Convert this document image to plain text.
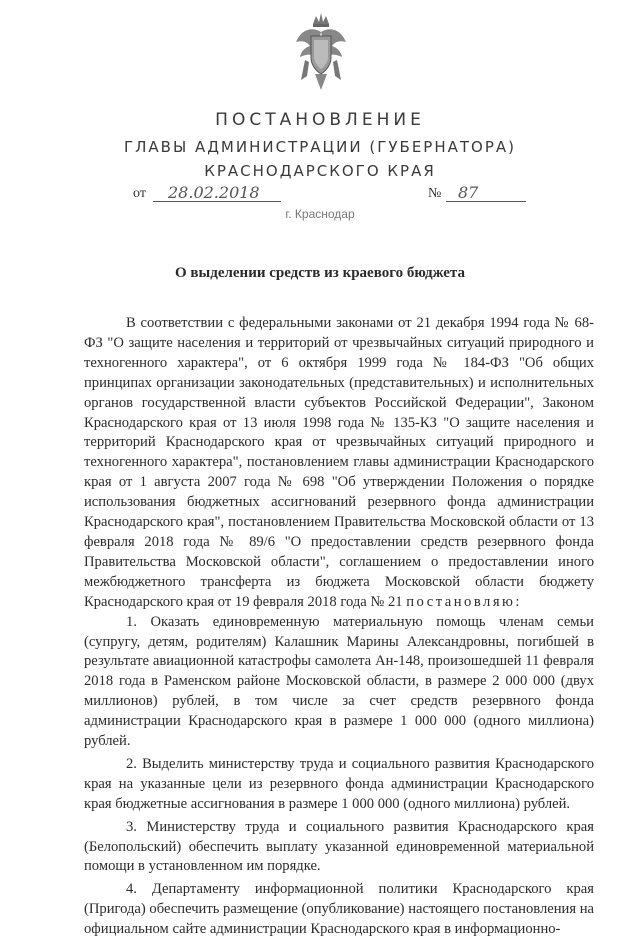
ПОСТАНОВЛЕНИЕ
ГЛАВЫ АДМИНИСТРАЦИИ (ГУБЕРНАТОРА)
КРАСНОДАРСКОГО КРАЯ
от 28.02.2018	№ 87
г. Краснодар
О выделении средств из краевого бюджета

В соответствии с федеральными законами от 21 декабря 1994 года № 68-ФЗ "О защите населения и территорий от чрезвычайных ситуаций природного и техногенного характера", от 6 октября 1999 года № 184-ФЗ "Об общих принципах организации законодательных (представительных) и исполнительных органов государственной власти субъектов Российской Федерации", Законом Краснодарского края от 13 июля 1998 года № 135-КЗ "О защите населения и территорий Краснодарского края от чрезвычайных ситуаций природного и техногенного характера", постановлением главы администрации Краснодарского края от 1 августа 2007 года № 698 "Об утверждении Положения о порядке использования бюджетных ассигнований резервного фонда администрации Краснодарского края", постановлением Правительства Московской области от 13 февраля 2018 года № 89/6 "О предоставлении средств резервного фонда Правительства Московской области", соглашением о предоставлении иного межбюджетного трансферта из бюджета Московской области бюджету Краснодарского края от 19 февраля 2018 года № 21 постановляю:

1. Оказать единовременную материальную помощь членам семьи (супругу, детям, родителям) Калашник Марины Александровны, погибшей в результате авиационной катастрофы самолета Ан-148, произошедшей 11 февраля 2018 года в Раменском районе Московской области, в размере 2 000 000 (двух миллионов) рублей, в том числе за счет средств резервного фонда администрации Краснодарского края в размере 1 000 000 (одного миллиона) рублей.

2. Выделить министерству труда и социального развития Краснодарского края на указанные цели из резервного фонда администрации Краснодарского края бюджетные ассигнования в размере 1 000 000 (одного миллиона) рублей.

3. Министерству труда и социального развития Краснодарского края (Белопольский) обеспечить выплату указанной единовременной материальной помощи в установленном им порядке.

4. Департаменту информационной политики Краснодарского края (Пригода) обеспечить размещение (опубликование) настоящего постановления на официальном сайте администрации Краснодарского края в информационно-
